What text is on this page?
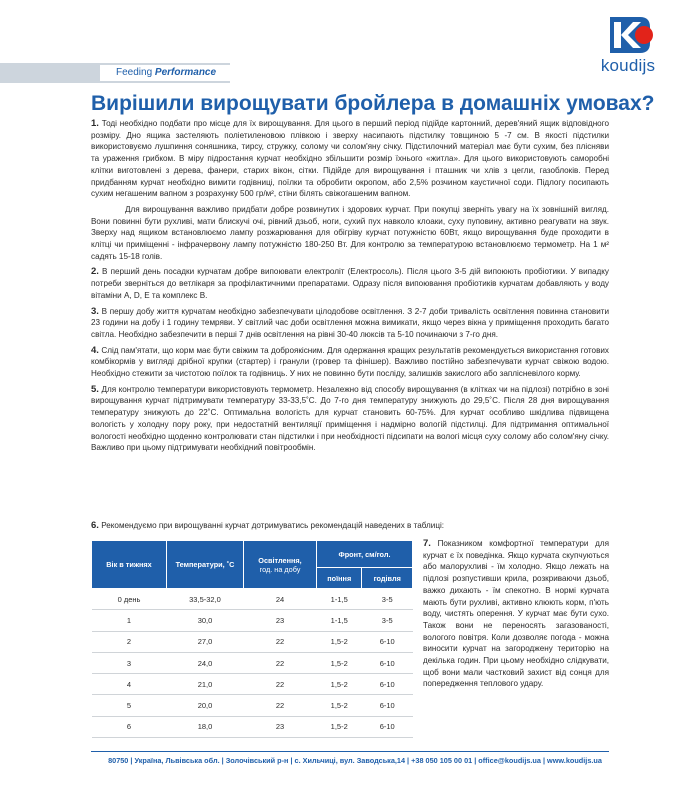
koudijs
Feeding Performance
Вирішили вирощувати бройлера в домашніх умовах?

1. Тоді необхідно подбати про місце для їх вирощування. Для цього в перший період підійде картонний, дерев'яний ящик відповідного розміру. Дно ящика застеляють поліетиленовою плівкою і зверху насипають підстилку товщиною 5 -7 см. В якості підстилки використовуємо лушпиння соняшника, тирсу, стружку, солому чи солом'яну січку. Підстилочний матеріал має бути сухим, без плісняви та ураження грибком. В міру підростання курчат необхідно збільшити розмір їхнього «житла». Для цього використовують саморобні клітки виготовлені з дерева, фанери, старих вікон, сітки. Підійде для вирощування і пташник чи хлів з цегли, газоблоків. Перед придбанням курчат необхідно вимити годівниці, поїлки та обробити окропом, або 2,5% розчином каустичної соди. Підлогу посипають сухим негашеним вапном з розрахунку 500 гр/м², стіни білять свіжогашеним вапном.

Для вирощування важливо придбати добре розвинутих і здорових курчат. При покупці зверніть увагу на їх зовнішній вигляд. Вони повинні бути рухливі, мати блискучі очі, рівний дзьоб, ноги, сухий пух навколо клоаки, суху пуповину, активно реагувати на звук. Зверху над ящиком встановлюємо лампу розжарювання для обігріву курчат потужністю 60Вт, якщо вирощування буде проходити в клітці чи приміщенні - інфрачервону лампу потужністю 180-250 Вт. Для контролю за температурою встановлюємо термометр. На 1 м² садять 15-18 голів.

2. В перший день посадки курчатам добре випоювати електроліт (Електросоль). Після цього 3-5 дій випоюють пробіотики. У випадку потреби зверніться до ветлікаря за профілактичними препаратами. Одразу після випоювання пробіотиків курчатам добавляють у воду вітаміни А, D, Е та комплекс В.

3. В першу добу життя курчатам необхідно забезпечувати цілодобове освітлення. З 2-7 доби тривалість освітлення повинна становити 23 години на добу і 1 годину темряви. У світлий час доби освітлення можна вимикати, якщо через вікна у приміщення проходить багато світла. Необхідно забезпечити в перші 7 днів освітлення на рівні 30-40 люксів та 5-10 починаючи з 7-го дня.

4. Слід пам'ятати, що корм має бути свіжим та доброякісним. Для одержання кращих результатів рекомендується використання готових комбікормів у вигляді дрібної крупки (стартер) і гранули (гровер та фінішер). Важливо постійно забезпечувати курчат свіжою водою. Необхідно стежити за чистотою поїлок та годівниць. У них не повинно бути посліду, залишків закислого або заплісневілого корму.

5. Для контролю температури використовують термометр. Незалежно від способу вирощування (в клітках чи на підлозі) потрібно в зоні вирощування курчат підтримувати температуру 33-33,5˚С. До 7-го дня температуру знижують до 29,5˚С. Після 28 дня вирощування температуру знижують до 22˚С. Оптимальна вологість для курчат становить 60-75%. Для курчат особливо шкідлива підвищена вологість у холодну пору року, при недостатній вентиляції приміщення і надмірно вологій підстилці. Для підтримання оптимальної вологості необхідно щоденно контролювати стан підстилки і при необхідності підсипати на вологі місця суху солому або солом'яну січку. Важливо при цьому підтримувати необхідний повітрообмін.

6. Рекомендуємо при вирощуванні курчат дотримуватись рекомендацій наведених в таблиці:
Вік в тижнях	Температури, ˚С	Освітлення,
год. на добу	Фронт, см/гол.	
			поїння	годівля
0 день	33,5-32,0	24	1-1,5	3-5
1	30,0	23	1-1,5	3-5
2	27,0	22	1,5-2	6-10
3	24,0	22	1,5-2	6-10
4	21,0	22	1,5-2	6-10
5	20,0	22	1,5-2	6-10
6	18,0	23	1,5-2	6-10
7. Показником комфортної температури для курчат є їх поведінка. Якщо курчата скупчуються або малорухливі - їм холодно. Якщо лежать на підлозі розпустивши крила, розкриваючи дзьоб, важко дихають - їм спекотно. В нормі курчата мають бути рухливі, активно клюють корм, п'ють воду, чистять оперення. У курчат має бути сухо. Також вони не переносять загазованості, вологого повітря. Коли дозволяє погода - можна виносити курчат на загороджену територію на декілька годин. При цьому необхідно слідкувати, щоб вони мали частковий захист від сонця для попередження теплового удару.
80750 | Україна, Львівська обл. | Золочівський р-н | с. Хильчиці, вул. Заводська,14 | +38 050 105 00 01 | office@koudijs.ua | www.koudijs.ua
